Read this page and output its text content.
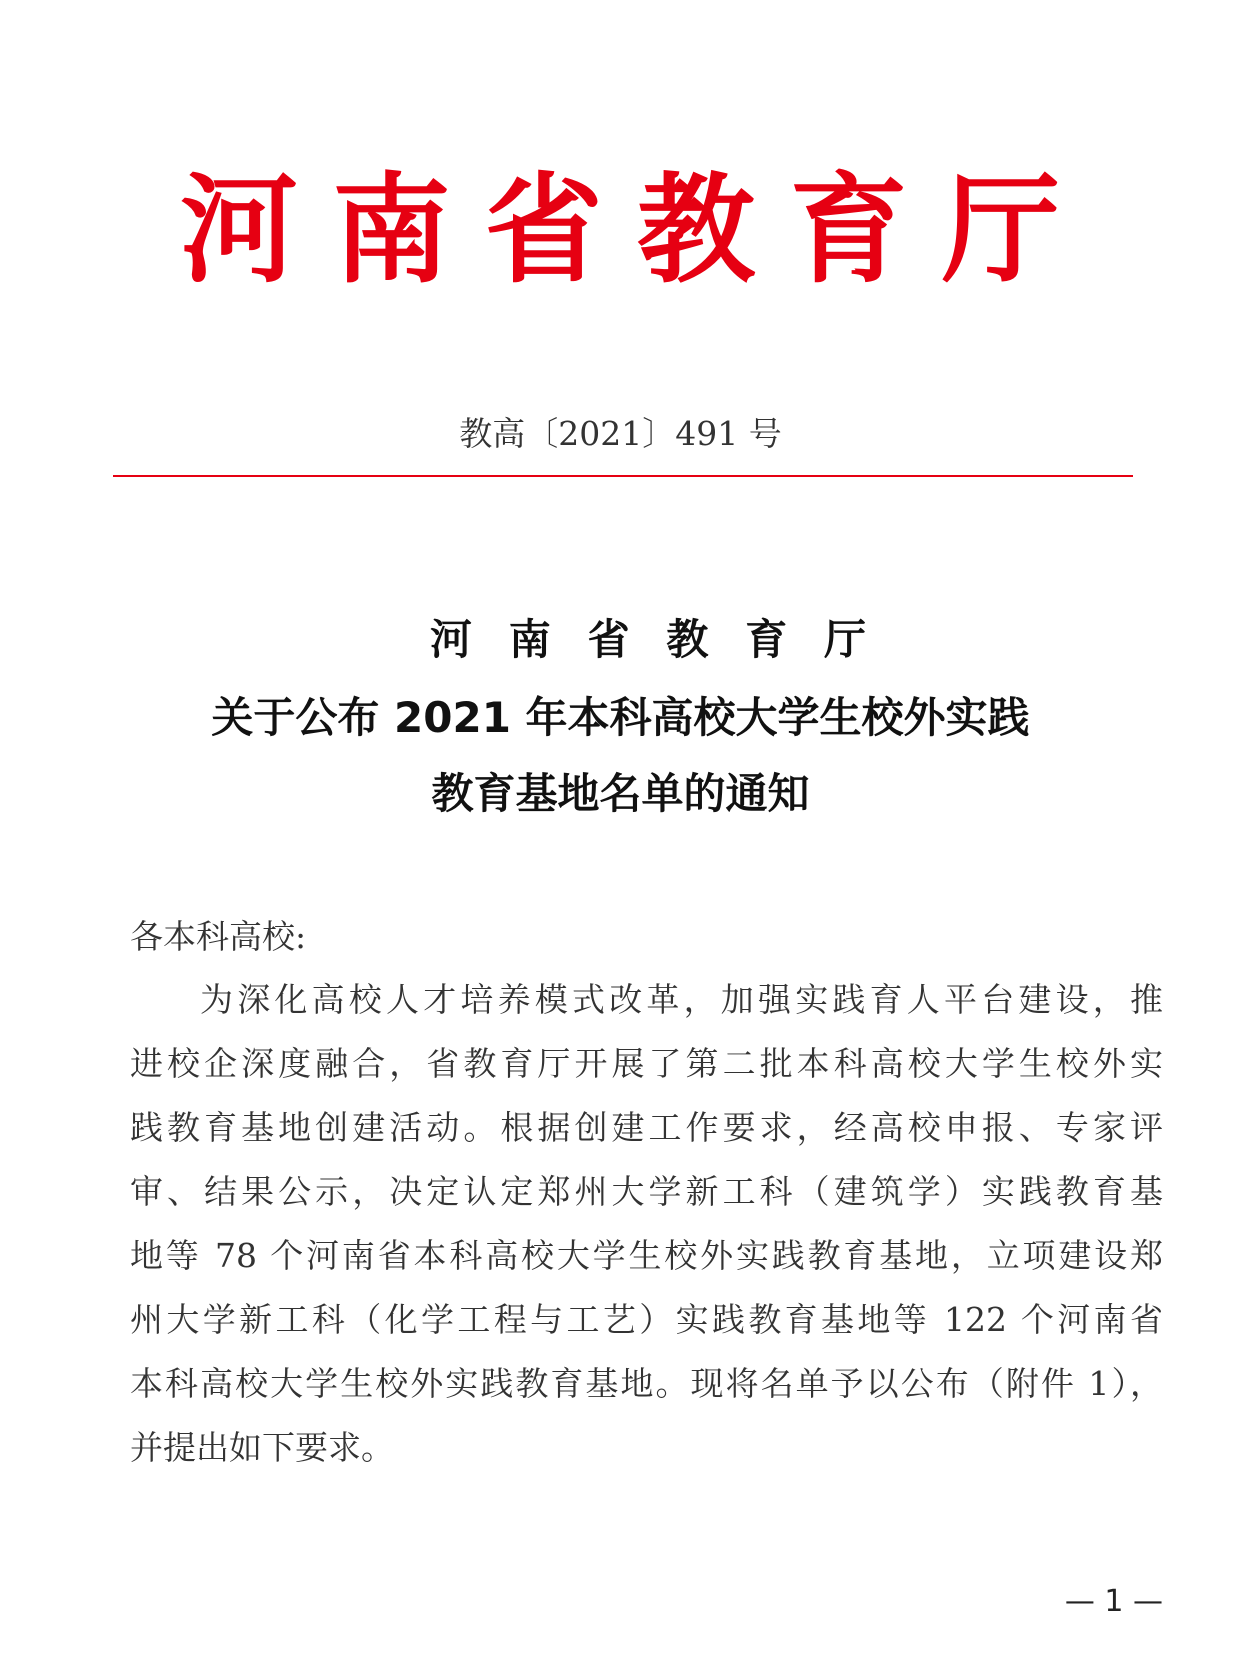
河 南 省 教 育 厅
教高〔2021〕491 号
河 南 省 教 育 厅
关于公布 2021 年本科高校大学生校外实践
教育基地名单的通知
各本科高校:
为深化高校人才培养模式改革，加强实践育人平台建设，推
进校企深度融合，省教育厅开展了第二批本科高校大学生校外实
践教育基地创建活动。根据创建工作要求，经高校申报、专家评
审、结果公示，决定认定郑州大学新工科（建筑学）实践教育基
地等 78 个河南省本科高校大学生校外实践教育基地，立项建设郑
州大学新工科（化学工程与工艺）实践教育基地等 122 个河南省
本科高校大学生校外实践教育基地。现将名单予以公布（附件 1），
并提出如下要求。
— 1 —
